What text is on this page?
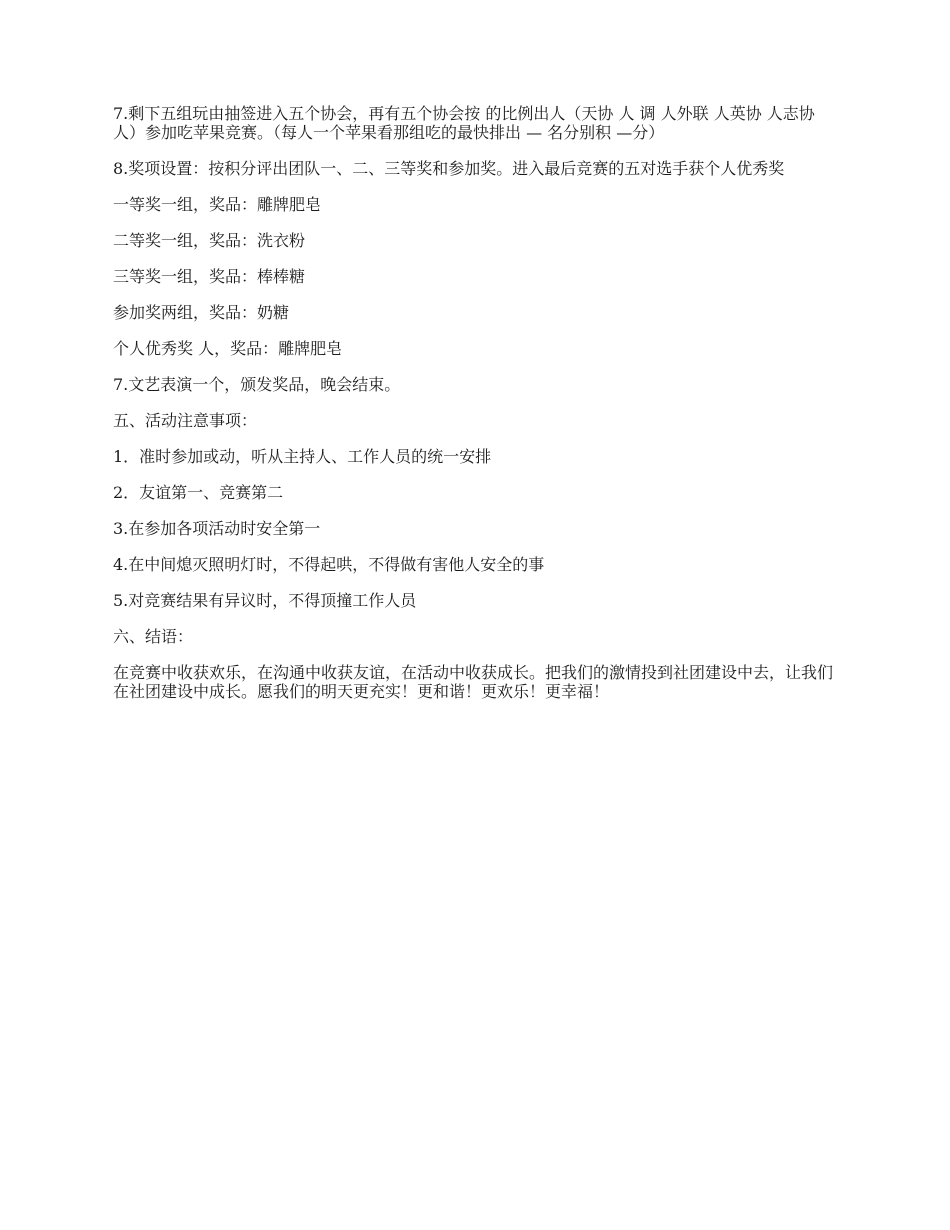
7.剩下五组玩由抽签进入五个协会，再有五个协会按 的比例出人（天协 人 调 人外联 人英协 人志协 人）参加吃苹果竞赛。（每人一个苹果看那组吃的最快排出 — 名分别积 —分）

8.奖项设置：按积分评出团队一、二、三等奖和参加奖。进入最后竞赛的五对选手获个人优秀奖

一等奖一组，奖品：雕牌肥皂

二等奖一组，奖品：洗衣粉

三等奖一组，奖品：棒棒糖

参加奖两组，奖品：奶糖

个人优秀奖 人，奖品：雕牌肥皂

7.文艺表演一个，颁发奖品，晚会结束。

五、活动注意事项：

1．准时参加或动，听从主持人、工作人员的统一安排

2．友谊第一、竞赛第二

3.在参加各项活动时安全第一

4.在中间熄灭照明灯时，不得起哄，不得做有害他人安全的事

5.对竞赛结果有异议时，不得顶撞工作人员

六、结语：

在竞赛中收获欢乐，在沟通中收获友谊，在活动中收获成长。把我们的激情投到社团建设中去，让我们在社团建设中成长。愿我们的明天更充实！更和谐！更欢乐！更幸福！
